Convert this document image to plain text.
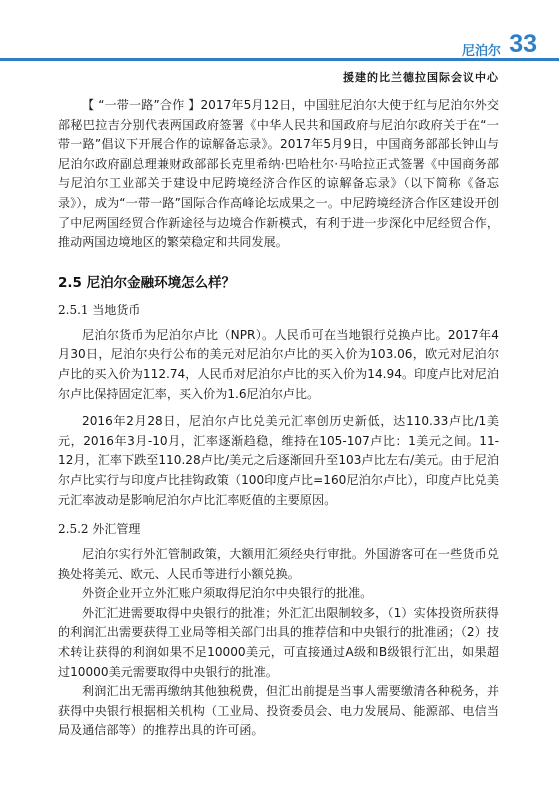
尼泊尔 33
援建的比兰德拉国际会议中心

【 “一带一路”合作 】2017年5月12日，中国驻尼泊尔大使于红与尼泊尔外交部秘巴拉吉分别代表两国政府签署《中华人民共和国政府与尼泊尔政府关于在“一带一路”倡议下开展合作的谅解备忘录》。2017年5月9日，中国商务部部长钟山与尼泊尔政府副总理兼财政部部长克里希纳·巴哈杜尔·马哈拉正式签署《中国商务部与尼泊尔工业部关于建设中尼跨境经济合作区的谅解备忘录》（以下简称《备忘录》），成为“一带一路”国际合作高峰论坛成果之一。中尼跨境经济合作区建设开创了中尼两国经贸合作新途径与边境合作新模式，有利于进一步深化中尼经贸合作，推动两国边境地区的繁荣稳定和共同发展。

2.5 尼泊尔金融环境怎么样？
2.5.1 当地货币

尼泊尔货币为尼泊尔卢比（NPR）。人民币可在当地银行兑换卢比。2017年4月30日，尼泊尔央行公布的美元对尼泊尔卢比的买入价为103.06，欧元对尼泊尔卢比的买入价为112.74，人民币对尼泊尔卢比的买入价为14.94。印度卢比对尼泊尔卢比保持固定汇率，买入价为1.6尼泊尔卢比。

2016年2月28日，尼泊尔卢比兑美元汇率创历史新低，达110.33卢比/1美元，2016年3月-10月，汇率逐渐趋稳，维持在105-107卢比：1美元之间。11-12月，汇率下跌至110.28卢比/美元之后逐渐回升至103卢比左右/美元。由于尼泊尔卢比实行与印度卢比挂钩政策（100印度卢比=160尼泊尔卢比），印度卢比兑美元汇率波动是影响尼泊尔卢比汇率贬值的主要原因。

2.5.2 外汇管理

尼泊尔实行外汇管制政策，大额用汇须经央行审批。外国游客可在一些货币兑换处将美元、欧元、人民币等进行小额兑换。

外资企业开立外汇账户须取得尼泊尔中央银行的批准。

外汇汇进需要取得中央银行的批准；外汇汇出限制较多，（1）实体投资所获得的利润汇出需要获得工业局等相关部门出具的推荐信和中央银行的批准函；（2）技术转让获得的利润如果不足10000美元，可直接通过A级和B级银行汇出，如果超过10000美元需要取得中央银行的批准。

利润汇出无需再缴纳其他独税费，但汇出前提是当事人需要缴清各种税务，并获得中央银行根据相关机构（工业局、投资委员会、电力发展局、能源部、电信当局及通信部等）的推荐出具的许可函。
